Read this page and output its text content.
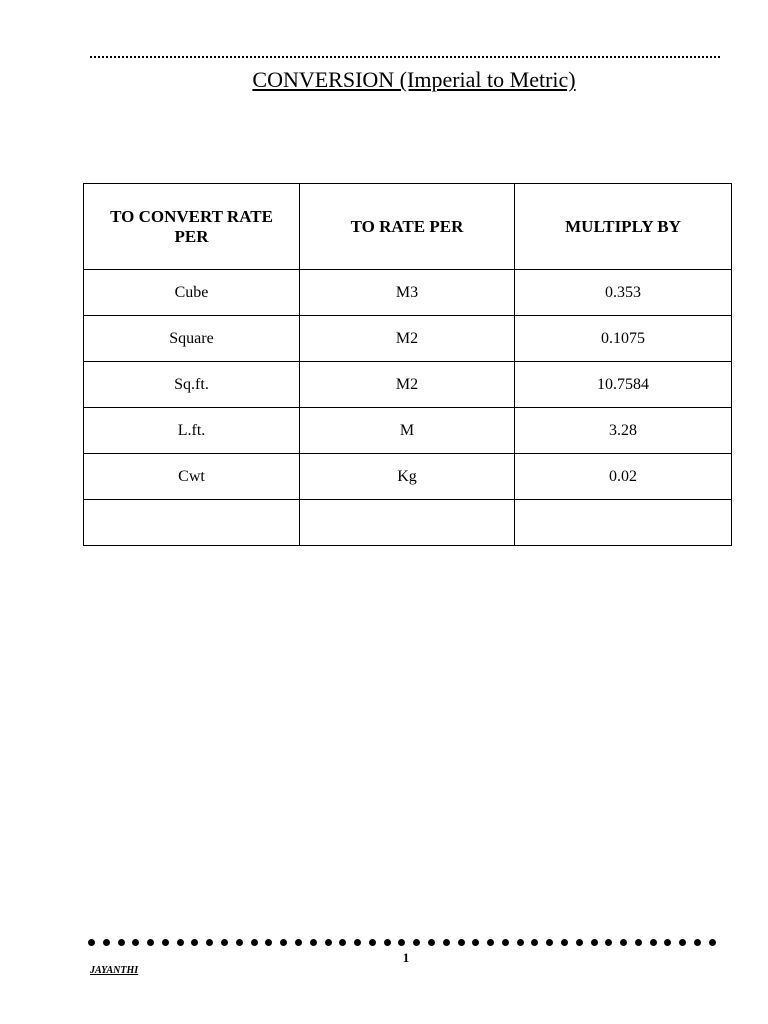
CONVERSION (Imperial to Metric)
TO CONVERT RATE PER	TO RATE PER	MULTIPLY BY
Cube	M3	0.353
Square	M2	0.1075
Sq.ft.	M2	10.7584
L.ft.	M	3.28
Cwt	Kg	0.02

1
JAYANTHI
